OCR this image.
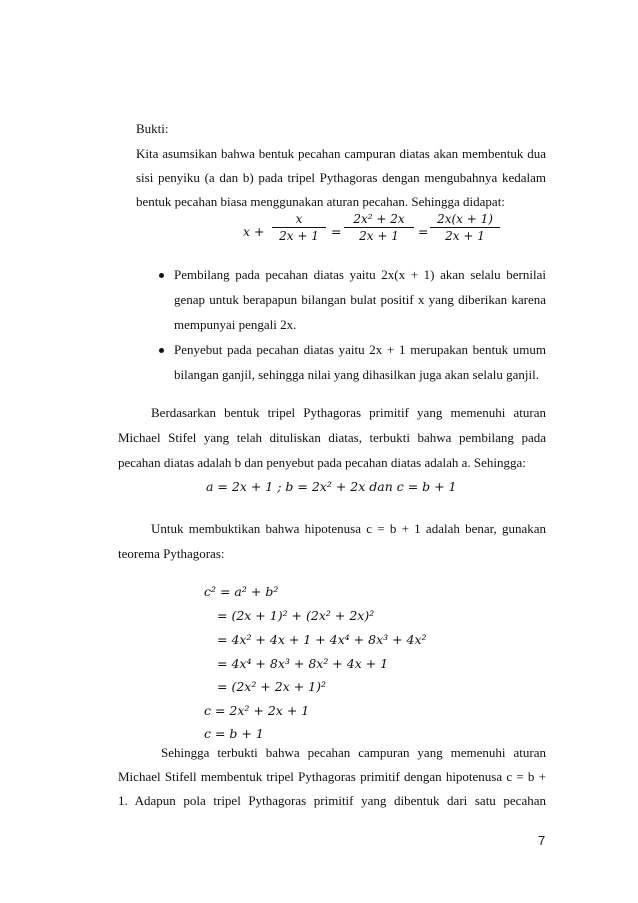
Bukti:
Kita asumsikan bahwa bentuk pecahan campuran diatas akan membentuk dua
sisi penyiku (a dan b) pada tripel Pythagoras dengan mengubahnya kedalam
bentuk pecahan biasa menggunakan aturan pecahan. Sehingga didapat:
$x + \frac{x}{2x + 1} = \frac{\text{2x² + 2x}}{2x + 1} = \frac{2x(x + 1)}{2x + 1}$
Pembilang pada pecahan diatas yaitu 2x(x + 1) akan selalu bernilai
genap untuk berapapun bilangan bulat positif x yang diberikan karena
mempunyai pengali 2x.
Penyebut pada pecahan diatas yaitu 2x + 1 merupakan bentuk umum
bilangan ganjil, sehingga nilai yang dihasilkan juga akan selalu ganjil.
Berdasarkan bentuk tripel Pythagoras primitif yang memenuhi aturan
Michael Stifel yang telah dituliskan diatas, terbukti bahwa pembilang pada
pecahan diatas adalah b dan penyebut pada pecahan diatas adalah a. Sehingga:
a = 2x + 1 ; b = 2x² + 2x dan c = b + 1
Untuk membuktikan bahwa hipotenusa c = b + 1 adalah benar, gunakan
teorema Pythagoras:
c² = a² + b²
= (2x + 1)² + (2x² + 2x)²
= 4x² + 4x + 1 + 4x⁴ + 8x³ + 4x²
= 4x⁴ + 8x³ + 8x² + 4x + 1
= (2x² + 2x + 1)²
c = 2x² + 2x + 1
c = b + 1
Sehingga terbukti bahwa pecahan campuran yang memenuhi aturan
Michael Stifell membentuk tripel Pythagoras primitif dengan hipotenusa c = b +
1. Adapun pola tripel Pythagoras primitif yang dibentuk dari satu pecahan
7
